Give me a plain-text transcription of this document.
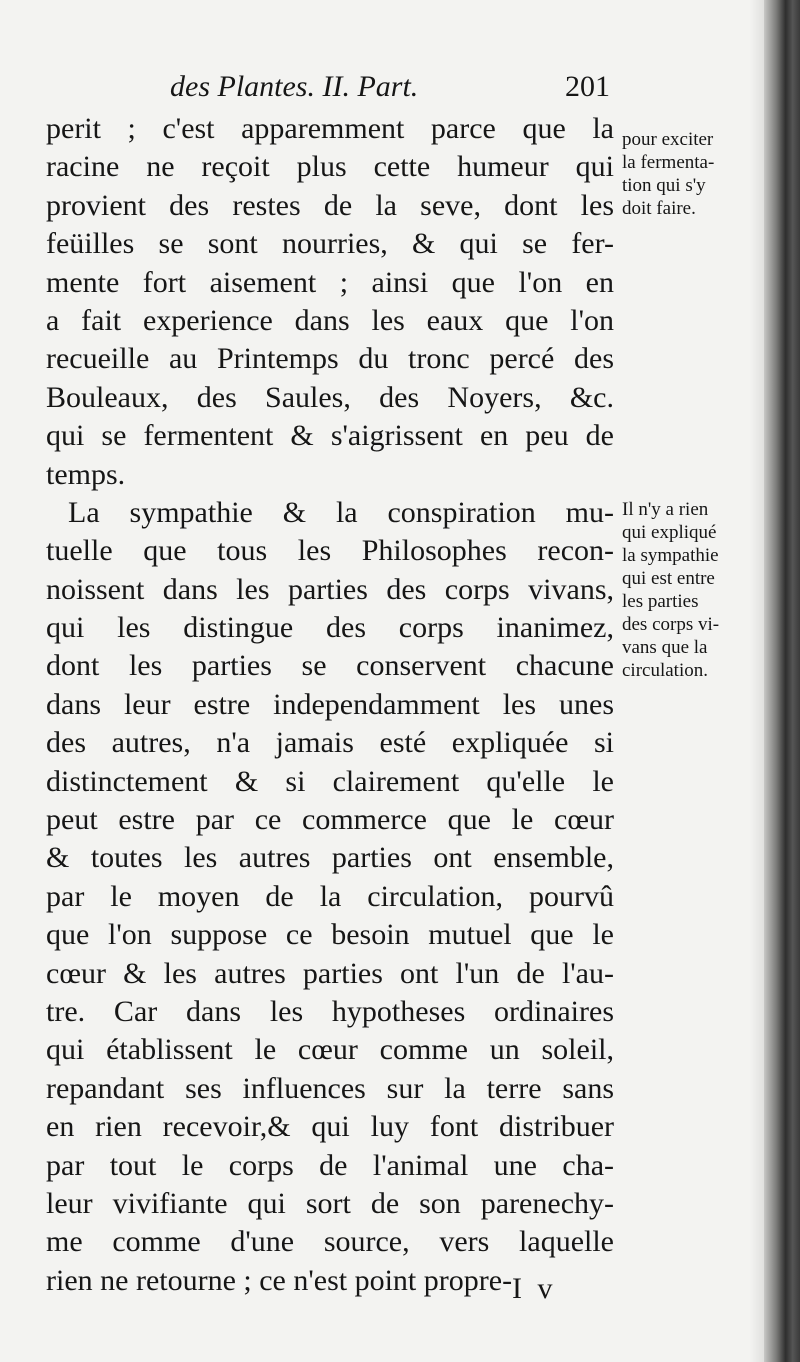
des Plantes. II. Part.	201
perit ; c'est apparemment parce que la
racine ne reçoit plus cette humeur qui
provient des restes de la seve, dont les
feüilles se sont nourries, & qui se fer-
mente fort aisement ; ainsi que l'on en
a fait experience dans les eaux que l'on
recueille au Printemps du tronc percé des
Bouleaux, des Saules, des Noyers, &c.
qui se fermentent & s'aigrissent en peu de
temps.
La sympathie & la conspiration mu-
tuelle que tous les Philosophes recon-
noissent dans les parties des corps vivans,
qui les distingue des corps inanimez,
dont les parties se conservent chacune
dans leur estre independamment les unes
des autres, n'a jamais esté expliquée si
distinctement & si clairement qu'elle le
peut estre par ce commerce que le cœur
& toutes les autres parties ont ensemble,
par le moyen de la circulation, pourvû
que l'on suppose ce besoin mutuel que le
cœur & les autres parties ont l'un de l'au-
tre. Car dans les hypotheses ordinaires
qui établissent le cœur comme un soleil,
repandant ses influences sur la terre sans
en rien recevoir,& qui luy font distribuer
par tout le corps de l'animal une cha-
leur vivifiante qui sort de son parenechy-
me comme d'une source, vers laquelle
rien ne retourne ; ce n'est point propre-
pour exciter
la fermenta-
tion qui s'y
doit faire.
Il n'y a rien
qui expliqué
la sympathie
qui est entre
les parties
des corps vi-
vans que la
circulation.
I v
